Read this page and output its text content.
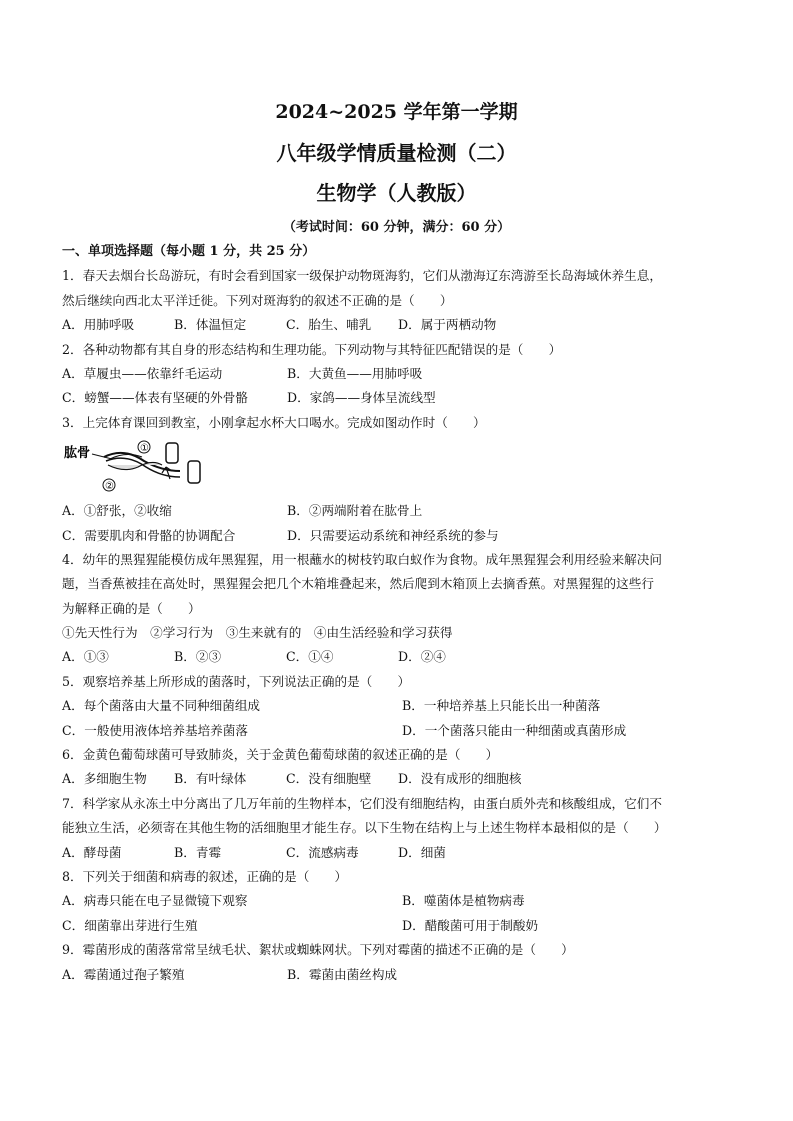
2024~2025 学年第一学期
八年级学情质量检测（二）
生物学（人教版）
（考试时间：60 分钟，满分：60 分）
一、单项选择题（每小题 1 分，共 25 分）
1．春天去烟台长岛游玩，有时会看到国家一级保护动物斑海豹，它们从渤海辽东湾游至长岛海域休养生息，
然后继续向西北太平洋迁徙。下列对斑海豹的叙述不正确的是（　　）
A．用肺呼吸	B．体温恒定	C．胎生、哺乳 D．属于两栖动物
2．各种动物都有其自身的形态结构和生理功能。下列动物与其特征匹配错误的是（　　）
A．草履虫——依靠纤毛运动	B．大黄鱼——用肺呼吸
C．螃蟹——体表有坚硬的外骨骼	D．家鸽——身体呈流线型
3．上完体育课回到教室，小刚拿起水杯大口喝水。完成如图动作时（　　）
肱骨	①
②
A．①舒张，②收缩	B．②两端附着在肱骨上
C．需要肌肉和骨骼的协调配合	D．只需要运动系统和神经系统的参与
4．幼年的黑猩猩能模仿成年黑猩猩，用一根蘸水的树枝钓取白蚁作为食物。成年黑猩猩会利用经验来解决问
题，当香蕉被挂在高处时，黑猩猩会把几个木箱堆叠起来，然后爬到木箱顶上去摘香蕉。对黑猩猩的这些行
为解释正确的是（　　）
①先天性行为　②学习行为　③生来就有的　④由生活经验和学习获得
A．①③	B．②③	C．①④	D．②④
5．观察培养基上所形成的菌落时，下列说法正确的是（　　）
A．每个菌落由大量不同种细菌组成	B．一种培养基上只能长出一种菌落
C．一般使用液体培养基培养菌落	D．一个菌落只能由一种细菌或真菌形成
6．金黄色葡萄球菌可导致肺炎，关于金黄色葡萄球菌的叙述正确的是（　　）
A．多细胞生物 B．有叶绿体	C．没有细胞壁 D．没有成形的细胞核
7．科学家从永冻土中分离出了几万年前的生物样本，它们没有细胞结构，由蛋白质外壳和核酸组成，它们不
能独立生活，必须寄在其他生物的活细胞里才能生存。以下生物在结构上与上述生物样本最相似的是（　　）
A．酵母菌	B．青霉	C．流感病毒	D．细菌
8．下列关于细菌和病毒的叙述，正确的是（　　）
A．病毒只能在电子显微镜下观察	B．噬菌体是植物病毒
C．细菌靠出芽进行生殖	D．醋酸菌可用于制酸奶
9．霉菌形成的菌落常常呈绒毛状、絮状或蜘蛛网状。下列对霉菌的描述不正确的是（　　）
A．霉菌通过孢子繁殖	B．霉菌由菌丝构成
